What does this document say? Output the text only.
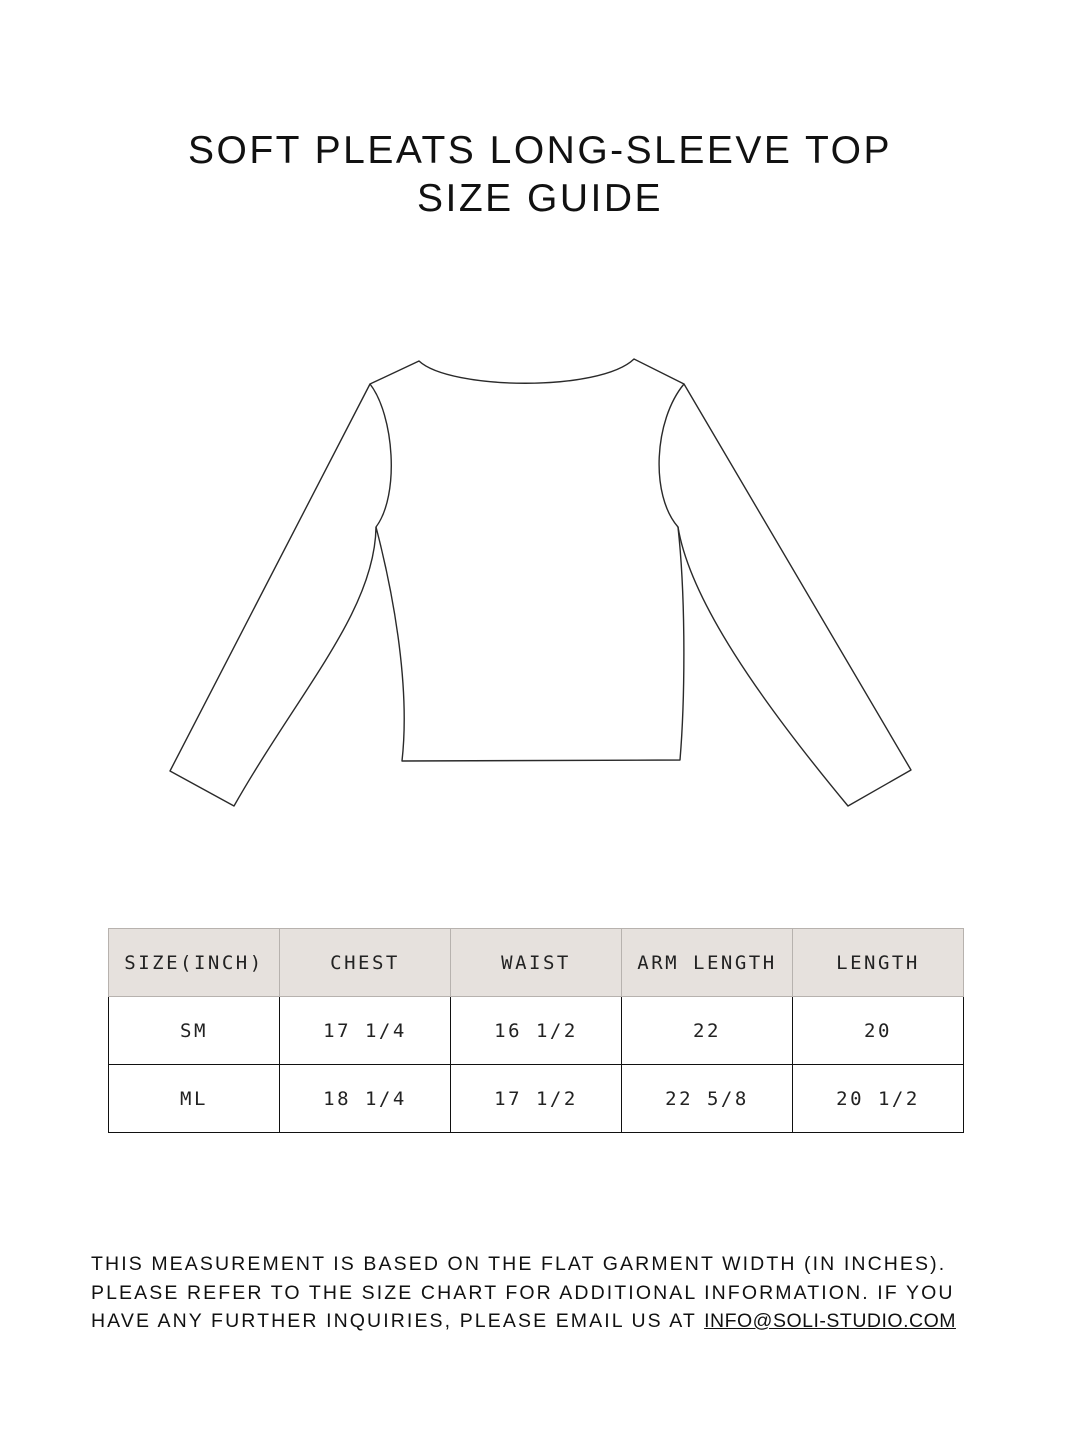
SOFT PLEATS LONG-SLEEVE TOP
SIZE GUIDE
SIZE(INCH)	CHEST	WAIST	ARM LENGTH	LENGTH
SM	17 1/4	16 1/2	22	20
ML	18 1/4	17 1/2	22 5/8	20 1/2
THIS MEASUREMENT IS BASED ON THE FLAT GARMENT WIDTH (IN INCHES).
PLEASE REFER TO THE SIZE CHART FOR ADDITIONAL INFORMATION. IF YOU
HAVE ANY FURTHER INQUIRIES, PLEASE EMAIL US AT INFO@SOLI-STUDIO.COM
